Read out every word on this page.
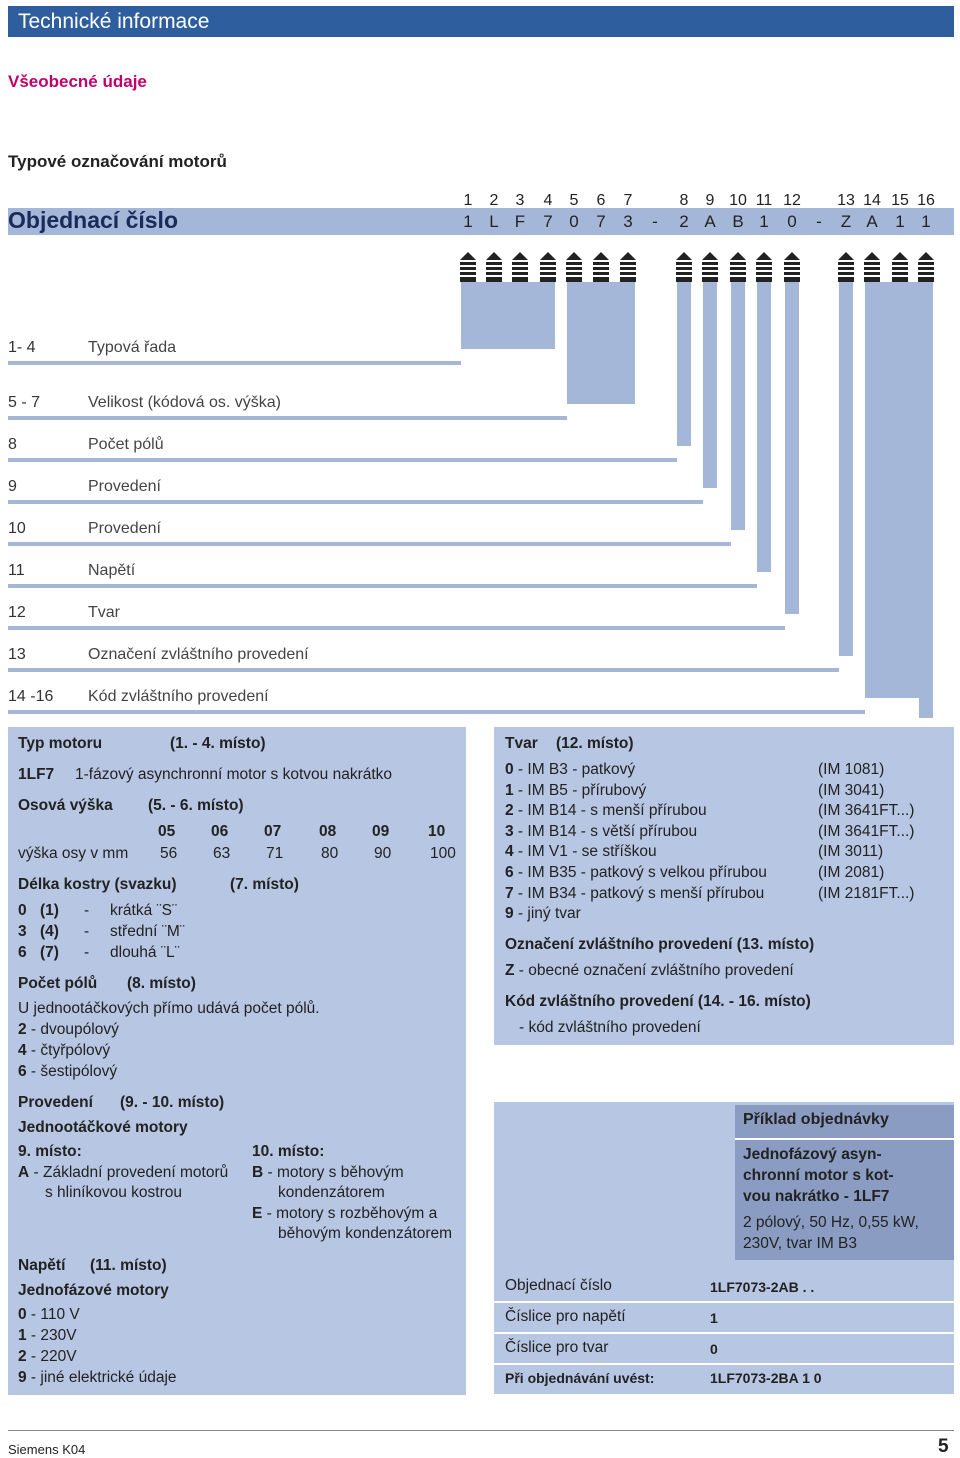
Technické informace
Všeobecné údaje
Typové označování motorů
Objednací číslo
1	2	3	4	5	6	7	8	9 10 11 12 13 14 15 16
1 L F 7 0 7 3	-	2 A B 1 0	-	Z A 1 1
1- 4	Typová řada
5 - 7	Velikost (kódová os. výška)
8	Počet pólů
9	Provedení
10	Provedení
11	Napětí
12	Tvar
13	Označení zvláštního provedení
14 -16 Kód zvláštního provedení
Typ motoru	(1. - 4. místo)
1LF7 1-fázový asynchronní motor s kotvou nakrátko
Osová výška (5. - 6. místo)
05 06 07 08 09	10
výška osy v mm 56 63 71 80 90	100
Délka kostry (svazku)	(7. místo)
0 (1) - krátká ¨S¨
3 (4) - střední ¨M¨
6 (7) - dlouhá ¨L¨
Počet pólů (8. místo)
U jednootáčkových přímo udává počet pólů.
2 - dvoupólový
4 - čtyřpólový
6 - šestipólový
Provedení (9. - 10. místo)
Jednootáčkové motory
9. místo:	10. místo:
A - Základní provedení motorů
s hliníkovou kostrou
B - motory s běhovým
kondenzátorem
E - motory s rozběhovým a
běhovým kondenzátorem
Napětí (11. místo)
Jednofázové motory
0 - 110 V
1 - 230V
2 - 220V
9 - jiné elektrické údaje
Tvar (12. místo)
0 - IM B3 - patkový	(IM 1081)
1 - IM B5 - přírubový	(IM 3041)
2 - IM B14 - s menší přírubou	(IM 3641FT...)
3 - IM B14 - s větší přírubou	(IM 3641FT...)
4 - IM V1 - se stříškou	(IM 3011)
6 - IM B35 - patkový s velkou přírubou	(IM 2081)
7 - IM B34 - patkový s menší přírubou	(IM 2181FT...)
9 - jiný tvar
Označení zvláštního provedení (13. místo)
Z - obecné označení zvláštního provedení
Kód zvláštního provedení (14. - 16. místo)
- kód zvláštního provedení
Příklad objednávky
Jednofázový asyn-
chronní motor s kot-
vou nakrátko - 1LF7
2 pólový, 50 Hz, 0,55 kW,
230V, tvar IM B3
Objednací číslo	1LF7073-2AB . .
Číslice pro napětí	1
Číslice pro tvar	0
Při objednávání uvést:	1LF7073-2BA 1 0
Siemens K04	5
